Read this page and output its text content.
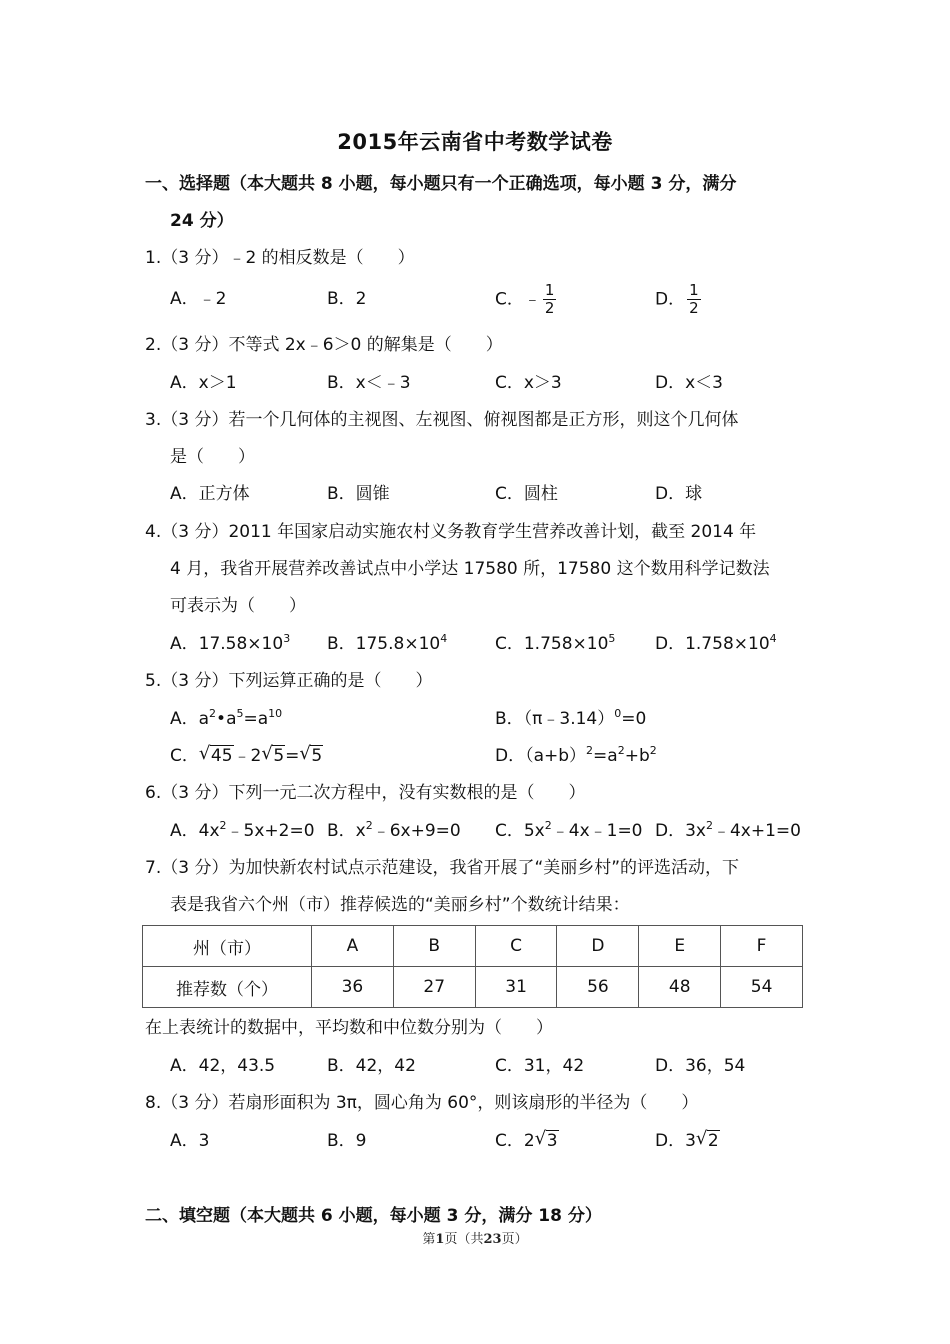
2015年云南省中考数学试卷
一、选择题（本大题共 8 小题，每小题只有一个正确选项，每小题 3 分，满分
24 分）
1.（3 分）﹣2 的相反数是（　　）
A．﹣2	B．2	C．﹣ $\frac{1}{2}$	D． $\frac{1}{2}$
2.（3 分）不等式 2x﹣6＞0 的解集是（　　）
A．x＞1	B．x＜﹣3	C．x＞3	D．x＜3
3.（3 分）若一个几何体的主视图、左视图、俯视图都是正方形，则这个几何体
是（　　）
A．正方体	B．圆锥	C．圆柱	D．球
4.（3 分）2011 年国家启动实施农村义务教育学生营养改善计划，截至 2014 年
4 月，我省开展营养改善试点中小学达 17580 所，17580 这个数用科学记数法
可表示为（　　）
A．$17.58\times 10^3$ B．$175.8\times 10^4$	C．$1.758\times 10^5$ D．$1.758\times 10^4$
5.（3 分）下列运算正确的是（　　）
A．$a^2•a^5=a^{10}$	B．（π﹣3.14）$^0$=0
C． √ 45﹣2 √ 5= √ 5	D．$(a+b)^2=a^2+b^2$
6.（3 分）下列一元二次方程中，没有实数根的是（　　）
A．$4x^2﹣5x+2=0$ B．$x^2﹣6x+9=0$ C．$5x^2﹣4x﹣1=0$ D．$3x^2﹣4x+1=0$
7.（3 分）为加快新农村试点示范建设，我省开展了“美丽乡村”的评选活动，下
表是我省六个州（市）推荐候选的“美丽乡村”个数统计结果：
州（市）	A	B	C	D	E	F
推荐数（个）	36	27	31	56	48	54
在上表统计的数据中，平均数和中位数分别为（　　）
A．42，43.5	B．42，42	C．31，42	D．36，54
8.（3 分）若扇形面积为 3π，圆心角为 60°，则该扇形的半径为（　　）
A．3	B．9	C．2 √ 3	D．3 √ 2
二、填空题（本大题共 6 小题，每小题 3 分，满分 18 分）
第1页（共23页）
